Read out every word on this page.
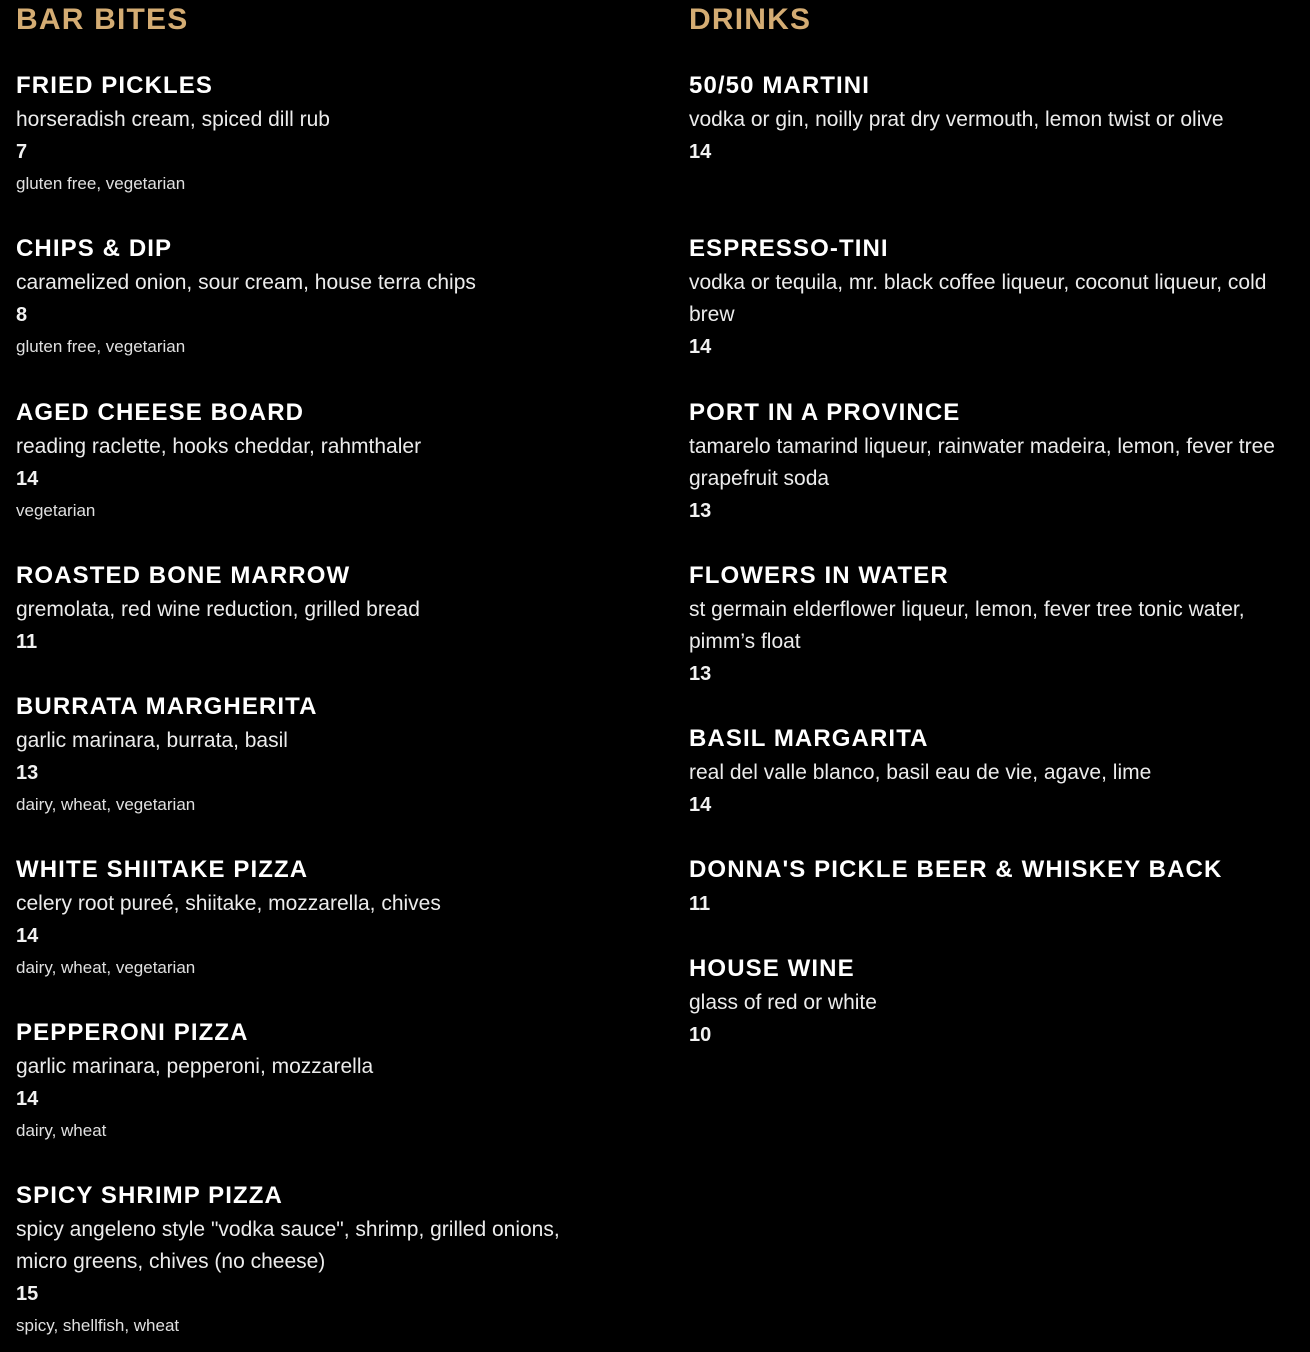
BAR BITES
FRIED PICKLES
horseradish cream, spiced dill rub
7
gluten free, vegetarian
CHIPS & DIP
caramelized onion, sour cream, house terra chips
8
gluten free, vegetarian
AGED CHEESE BOARD
reading raclette, hooks cheddar, rahmthaler
14
vegetarian
ROASTED BONE MARROW
gremolata, red wine reduction, grilled bread
11
BURRATA MARGHERITA
garlic marinara, burrata, basil
13
dairy, wheat, vegetarian
WHITE SHIITAKE PIZZA
celery root pureé, shiitake, mozzarella, chives
14
dairy, wheat, vegetarian
PEPPERONI PIZZA
garlic marinara, pepperoni, mozzarella
14
dairy, wheat
SPICY SHRIMP PIZZA
spicy angeleno style "vodka sauce", shrimp, grilled onions, micro greens, chives (no cheese)
15
spicy, shellfish, wheat
DRINKS
50/50 MARTINI
vodka or gin, noilly prat dry vermouth, lemon twist or olive
14
ESPRESSO-TINI
vodka or tequila, mr. black coffee liqueur, coconut liqueur, cold brew
14
PORT IN A PROVINCE
tamarelo tamarind liqueur, rainwater madeira, lemon, fever tree grapefruit soda
13
FLOWERS IN WATER
st germain elderflower liqueur, lemon, fever tree tonic water, pimm’s float
13
BASIL MARGARITA
real del valle blanco, basil eau de vie, agave, lime
14
DONNA'S PICKLE BEER & WHISKEY BACK
11
HOUSE WINE
glass of red or white
10
